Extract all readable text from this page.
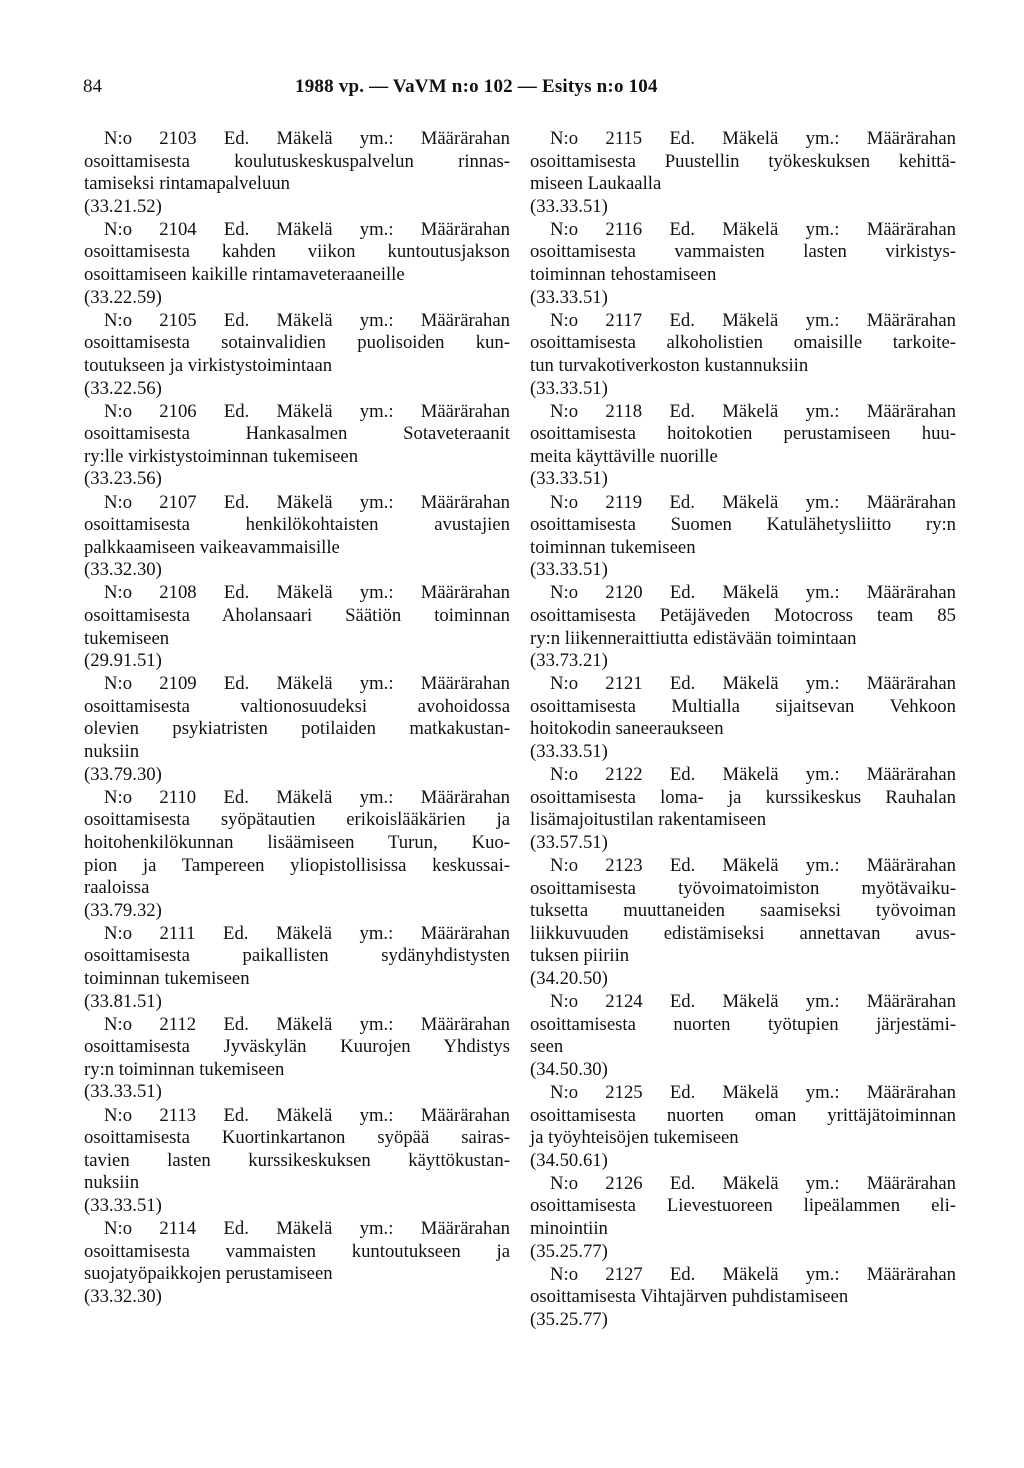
84	1988 vp. — VaVM n:o 102 — Esitys n:o 104
N:o 2103 Ed. Mäkelä ym.: Määrärahan
osoittamisesta koulutuskeskuspalvelun rinnas-
tamiseksi rintamapalveluun
(33.21.52)
N:o 2104 Ed. Mäkelä ym.: Määrärahan
osoittamisesta kahden viikon kuntoutusjakson
osoittamiseen kaikille rintamaveteraaneille
(33.22.59)
N:o 2105 Ed. Mäkelä ym.: Määrärahan
osoittamisesta sotainvalidien puolisoiden kun-
toutukseen ja virkistystoimintaan
(33.22.56)
N:o 2106 Ed. Mäkelä ym.: Määrärahan
osoittamisesta Hankasalmen Sotaveteraanit
ry:lle virkistystoiminnan tukemiseen
(33.23.56)
N:o 2107 Ed. Mäkelä ym.: Määrärahan
osoittamisesta henkilökohtaisten avustajien
palkkaamiseen vaikeavammaisille
(33.32.30)
N:o 2108 Ed. Mäkelä ym.: Määrärahan
osoittamisesta Aholansaari Säätiön toiminnan
tukemiseen
(29.91.51)
N:o 2109 Ed. Mäkelä ym.: Määrärahan
osoittamisesta valtionosuudeksi avohoidossa
olevien psykiatristen potilaiden matkakustan-
nuksiin
(33.79.30)
N:o 2110 Ed. Mäkelä ym.: Määrärahan
osoittamisesta syöpätautien erikoislääkärien ja
hoitohenkilökunnan lisäämiseen Turun, Kuo-
pion ja Tampereen yliopistollisissa keskussai-
raaloissa
(33.79.32)
N:o 2111 Ed. Mäkelä ym.: Määrärahan
osoittamisesta paikallisten sydänyhdistysten
toiminnan tukemiseen
(33.81.51)
N:o 2112 Ed. Mäkelä ym.: Määrärahan
osoittamisesta Jyväskylän Kuurojen Yhdistys
ry:n toiminnan tukemiseen
(33.33.51)
N:o 2113 Ed. Mäkelä ym.: Määrärahan
osoittamisesta Kuortinkartanon syöpää sairas-
tavien lasten kurssikeskuksen käyttökustan-
nuksiin
(33.33.51)
N:o 2114 Ed. Mäkelä ym.: Määrärahan
osoittamisesta vammaisten kuntoutukseen ja
suojatyöpaikkojen perustamiseen
(33.32.30)
N:o 2115 Ed. Mäkelä ym.: Määrärahan
osoittamisesta Puustellin työkeskuksen kehittä-
miseen Laukaalla
(33.33.51)
N:o 2116 Ed. Mäkelä ym.: Määrärahan
osoittamisesta vammaisten lasten virkistys-
toiminnan tehostamiseen
(33.33.51)
N:o 2117 Ed. Mäkelä ym.: Määrärahan
osoittamisesta alkoholistien omaisille tarkoite-
tun turvakotiverkoston kustannuksiin
(33.33.51)
N:o 2118 Ed. Mäkelä ym.: Määrärahan
osoittamisesta hoitokotien perustamiseen huu-
meita käyttäville nuorille
(33.33.51)
N:o 2119 Ed. Mäkelä ym.: Määrärahan
osoittamisesta Suomen Katulähetysliitto ry:n
toiminnan tukemiseen
(33.33.51)
N:o 2120 Ed. Mäkelä ym.: Määrärahan
osoittamisesta Petäjäveden Motocross team 85
ry:n liikenneraittiutta edistävään toimintaan
(33.73.21)
N:o 2121 Ed. Mäkelä ym.: Määrärahan
osoittamisesta Multialla sijaitsevan Vehkoon
hoitokodin saneeraukseen
(33.33.51)
N:o 2122 Ed. Mäkelä ym.: Määrärahan
osoittamisesta loma- ja kurssikeskus Rauhalan
lisämajoitustilan rakentamiseen
(33.57.51)
N:o 2123 Ed. Mäkelä ym.: Määrärahan
osoittamisesta työvoimatoimiston myötävaiku-
tuksetta muuttaneiden saamiseksi työvoiman
liikkuvuuden edistämiseksi annettavan avus-
tuksen piiriin
(34.20.50)
N:o 2124 Ed. Mäkelä ym.: Määrärahan
osoittamisesta nuorten työtupien järjestämi-
seen
(34.50.30)
N:o 2125 Ed. Mäkelä ym.: Määrärahan
osoittamisesta nuorten oman yrittäjätoiminnan
ja työyhteisöjen tukemiseen
(34.50.61)
N:o 2126 Ed. Mäkelä ym.: Määrärahan
osoittamisesta Lievestuoreen lipeälammen eli-
minointiin
(35.25.77)
N:o 2127 Ed. Mäkelä ym.: Määrärahan
osoittamisesta Vihtajärven puhdistamiseen
(35.25.77)
